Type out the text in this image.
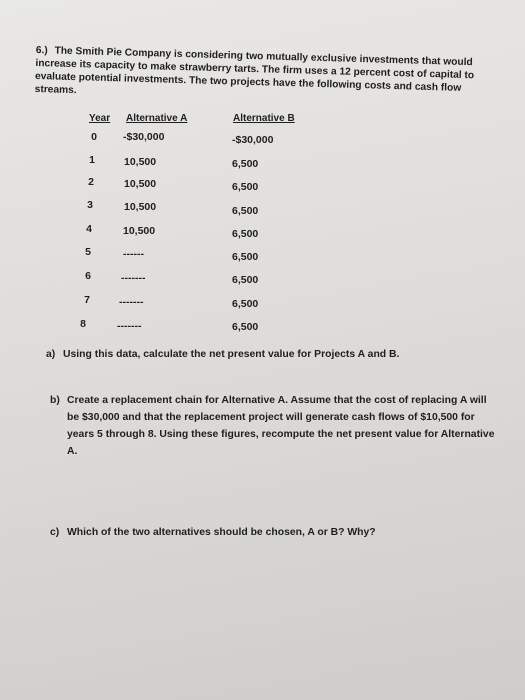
6.) The Smith Pie Company is considering two mutually exclusive investments that would increase its capacity to make strawberry tarts. The firm uses a 12 percent cost of capital to evaluate potential investments. The two projects have the following costs and cash flow streams.
Year Alternative A	Alternative B
0	-$30,000	-$30,000
1	10,500	6,500
2	10,500	6,500
3	10,500	6,500
4	10,500	6,500
5	------	6,500
6	-------	6,500
7	-------	6,500
8	-------	6,500
a) Using this data, calculate the net present value for Projects A and B.
b) Create a replacement chain for Alternative A. Assume that the cost of replacing A will be $30,000 and that the replacement project will generate cash flows of $10,500 for years 5 through 8. Using these figures, recompute the net present value for Alternative A.
c) Which of the two alternatives should be chosen, A or B? Why?
